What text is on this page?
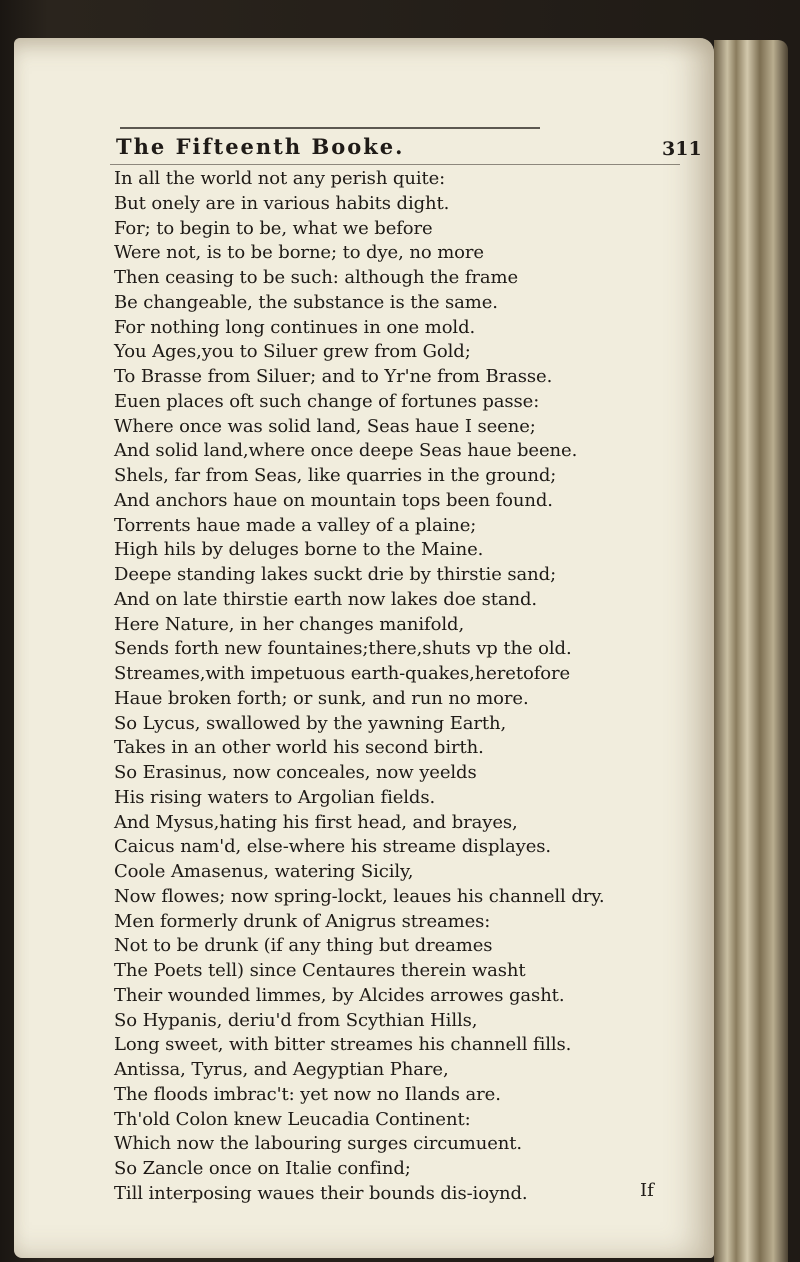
The Fifteenth Booke.	311
In all the world not any perish quite:
But onely are in various habits dight.
For; to begin to be, what we before
Were not, is to be borne; to dye, no more
Then ceasing to be such: although the frame
Be changeable, the substance is the same.
For nothing long continues in one mold.
You Ages,you to Siluer grew from Gold;
To Brasse from Siluer; and to Yr'ne from Brasse.
Euen places oft such change of fortunes passe:
Where once was solid land, Seas haue I seene;
And solid land,where once deepe Seas haue beene.
Shels, far from Seas, like quarries in the ground;
And anchors haue on mountain tops been found.
Torrents haue made a valley of a plaine;
High hils by deluges borne to the Maine.
Deepe standing lakes suckt drie by thirstie sand;
And on late thirstie earth now lakes doe stand.
Here Nature, in her changes manifold,
Sends forth new fountaines;there,shuts vp the old.
Streames,with impetuous earth-quakes,heretofore
Haue broken forth; or sunk, and run no more.
So Lycus, swallowed by the yawning Earth,
Takes in an other world his second birth.
So Erasinus, now conceales, now yeelds
His rising waters to Argolian fields.
And Mysus,hating his first head, and brayes,
Caicus nam'd, else-where his streame displayes.
Coole Amasenus, watering Sicily,
Now flowes; now spring-lockt, leaues his channell dry.
Men formerly drunk of Anigrus streames:
Not to be drunk (if any thing but dreames
The Poets tell) since Centaures therein washt
Their wounded limmes, by Alcides arrowes gasht.
So Hypanis, deriu'd from Scythian Hills,
Long sweet, with bitter streames his channell fills.
Antissa, Tyrus, and Aegyptian Phare,
The floods imbrac't: yet now no Ilands are.
Th'old Colon knew Leucadia Continent:
Which now the labouring surges circumuent.
So Zancle once on Italie confind;
Till interposing waues their bounds dis-ioynd.	If
